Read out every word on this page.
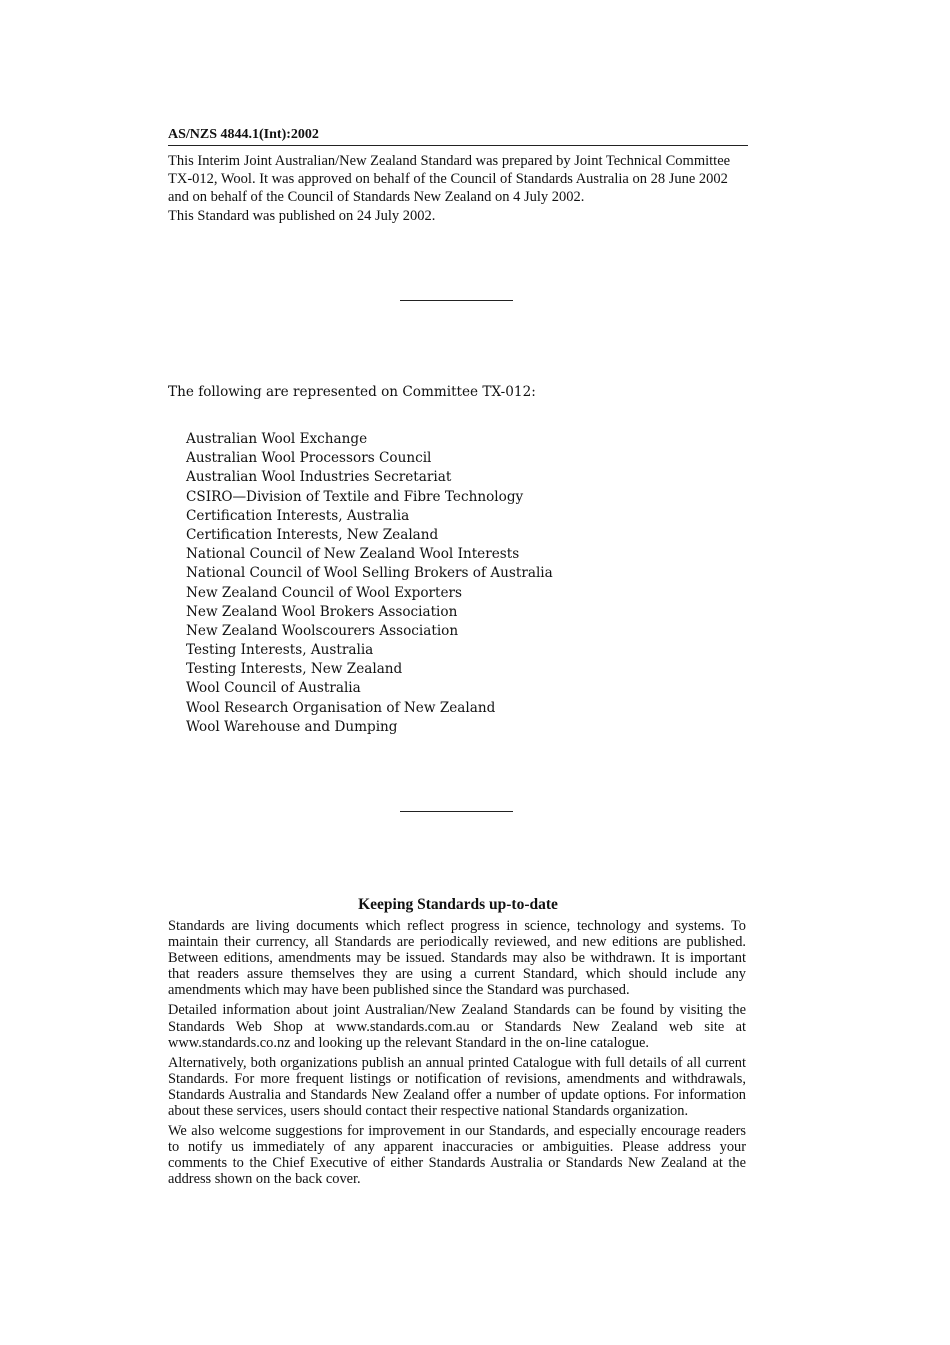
AS/NZS 4844.1(Int):2002

This Interim Joint Australian/New Zealand Standard was prepared by Joint Technical Committee TX-012, Wool. It was approved on behalf of the Council of Standards Australia on 28 June 2002 and on behalf of the Council of Standards New Zealand on 4 July 2002.

This Standard was published on 24 July 2002.

The following are represented on Committee TX-012:

Australian Wool Exchange
Australian Wool Processors Council
Australian Wool Industries Secretariat
CSIRO—Division of Textile and Fibre Technology
Certification Interests, Australia
Certification Interests, New Zealand
National Council of New Zealand Wool Interests
National Council of Wool Selling Brokers of Australia
New Zealand Council of Wool Exporters
New Zealand Wool Brokers Association
New Zealand Woolscourers Association
Testing Interests, Australia
Testing Interests, New Zealand
Wool Council of Australia
Wool Research Organisation of New Zealand
Wool Warehouse and Dumping
Keeping Standards up-to-date

Standards are living documents which reflect progress in science, technology and systems. To maintain their currency, all Standards are periodically reviewed, and new editions are published. Between editions, amendments may be issued. Standards may also be withdrawn. It is important that readers assure themselves they are using a current Standard, which should include any amendments which may have been published since the Standard was purchased.

Detailed information about joint Australian/New Zealand Standards can be found by visiting the Standards Web Shop at www.standards.com.au or Standards New Zealand web site at www.standards.co.nz and looking up the relevant Standard in the on-line catalogue.

Alternatively, both organizations publish an annual printed Catalogue with full details of all current Standards. For more frequent listings or notification of revisions, amendments and withdrawals, Standards Australia and Standards New Zealand offer a number of update options. For information about these services, users should contact their respective national Standards organization.

We also welcome suggestions for improvement in our Standards, and especially encourage readers to notify us immediately of any apparent inaccuracies or ambiguities. Please address your comments to the Chief Executive of either Standards Australia or Standards New Zealand at the address shown on the back cover.
